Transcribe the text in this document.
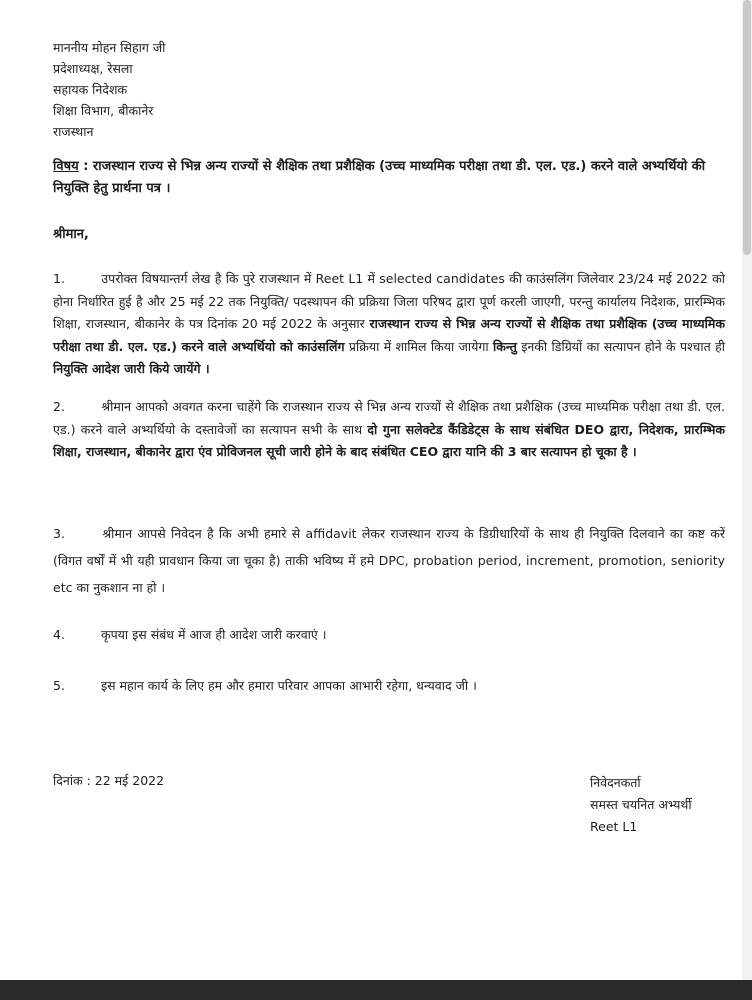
माननीय मोहन सिहाग जी
प्रदेशाध्यक्ष, रेसला
सहायक निदेशक
शिक्षा विभाग, बीकानेर
राजस्थान
विषय : राजस्थान राज्य से भिन्न अन्य राज्यों से शैक्षिक तथा प्रशैक्षिक (उच्च माध्यमिक परीक्षा तथा डी. एल. एड.) करने वाले अभ्यर्थियो की नियुक्ति हेतु प्रार्थना पत्र ।
श्रीमान,
1.	उपरोक्त विषयान्तर्ग लेख है कि पुरे राजस्थान में Reet L1 में selected candidates की काउंसलिंग जिलेवार 23/24 मई 2022 को होना निर्धारित हुई है और 25 मई 22 तक नियुक्ति/ पदस्थापन की प्रक्रिया जिला परिषद द्वारा पूर्ण करली जाएगी, परन्तु कार्यालय निदेशक, प्रारम्भिक शिक्षा, राजस्थान, बीकानेर के पत्र दिनांक 20 मई 2022 के अनुसार राजस्थान राज्य से भिन्न अन्य राज्यों से शैक्षिक तथा प्रशैक्षिक (उच्च माध्यमिक परीक्षा तथा डी. एल. एड.) करने वाले अभ्यर्थियो को काउंसलिंग प्रक्रिया में शामिल किया जायेगा किन्तु इनकी डिग्रियों का सत्यापन होने के पश्चात ही नियुक्ति आदेश जारी किये जायेंगे ।
2.	श्रीमान आपको अवगत करना चाहेंगे कि राजस्थान राज्य से भिन्न अन्य राज्यों से शैक्षिक तथा प्रशैक्षिक (उच्च माध्यमिक परीक्षा तथा डी. एल. एड.) करने वाले अभ्यर्थियो के दस्तावेजों का सत्यापन सभी के साथ दो गुना सलेक्टेड कैंडिडेट्स के साथ संबंधित DEO द्वारा, निदेशक, प्रारम्भिक शिक्षा, राजस्थान, बीकानेर द्वारा एंव प्रोविजनल सूची जारी होने के बाद संबंधित CEO द्वारा यानि की 3 बार सत्यापन हो चूका है ।
3.	श्रीमान आपसे निवेदन है कि अभी हमारे से affidavit लेकर राजस्थान राज्य के डिग्रीधारियों के साथ ही नियुक्ति दिलवाने का कष्ट करें (विगत वर्षों में भी यही प्रावधान किया जा चूका है) ताकी भविष्य में हमे DPC, probation period, increment, promotion, seniority etc का नुकशान ना हो ।
4.	कृपया इस संबंध में आज ही आदेश जारी करवाएं ।
5.	इस महान कार्य के लिए हम और हमारा परिवार आपका आभारी रहेगा, धन्यवाद जी ।
दिनांक : 22 मई 2022	निवेदनकर्ता
समस्त चयनित अभ्यर्थी
Reet L1
